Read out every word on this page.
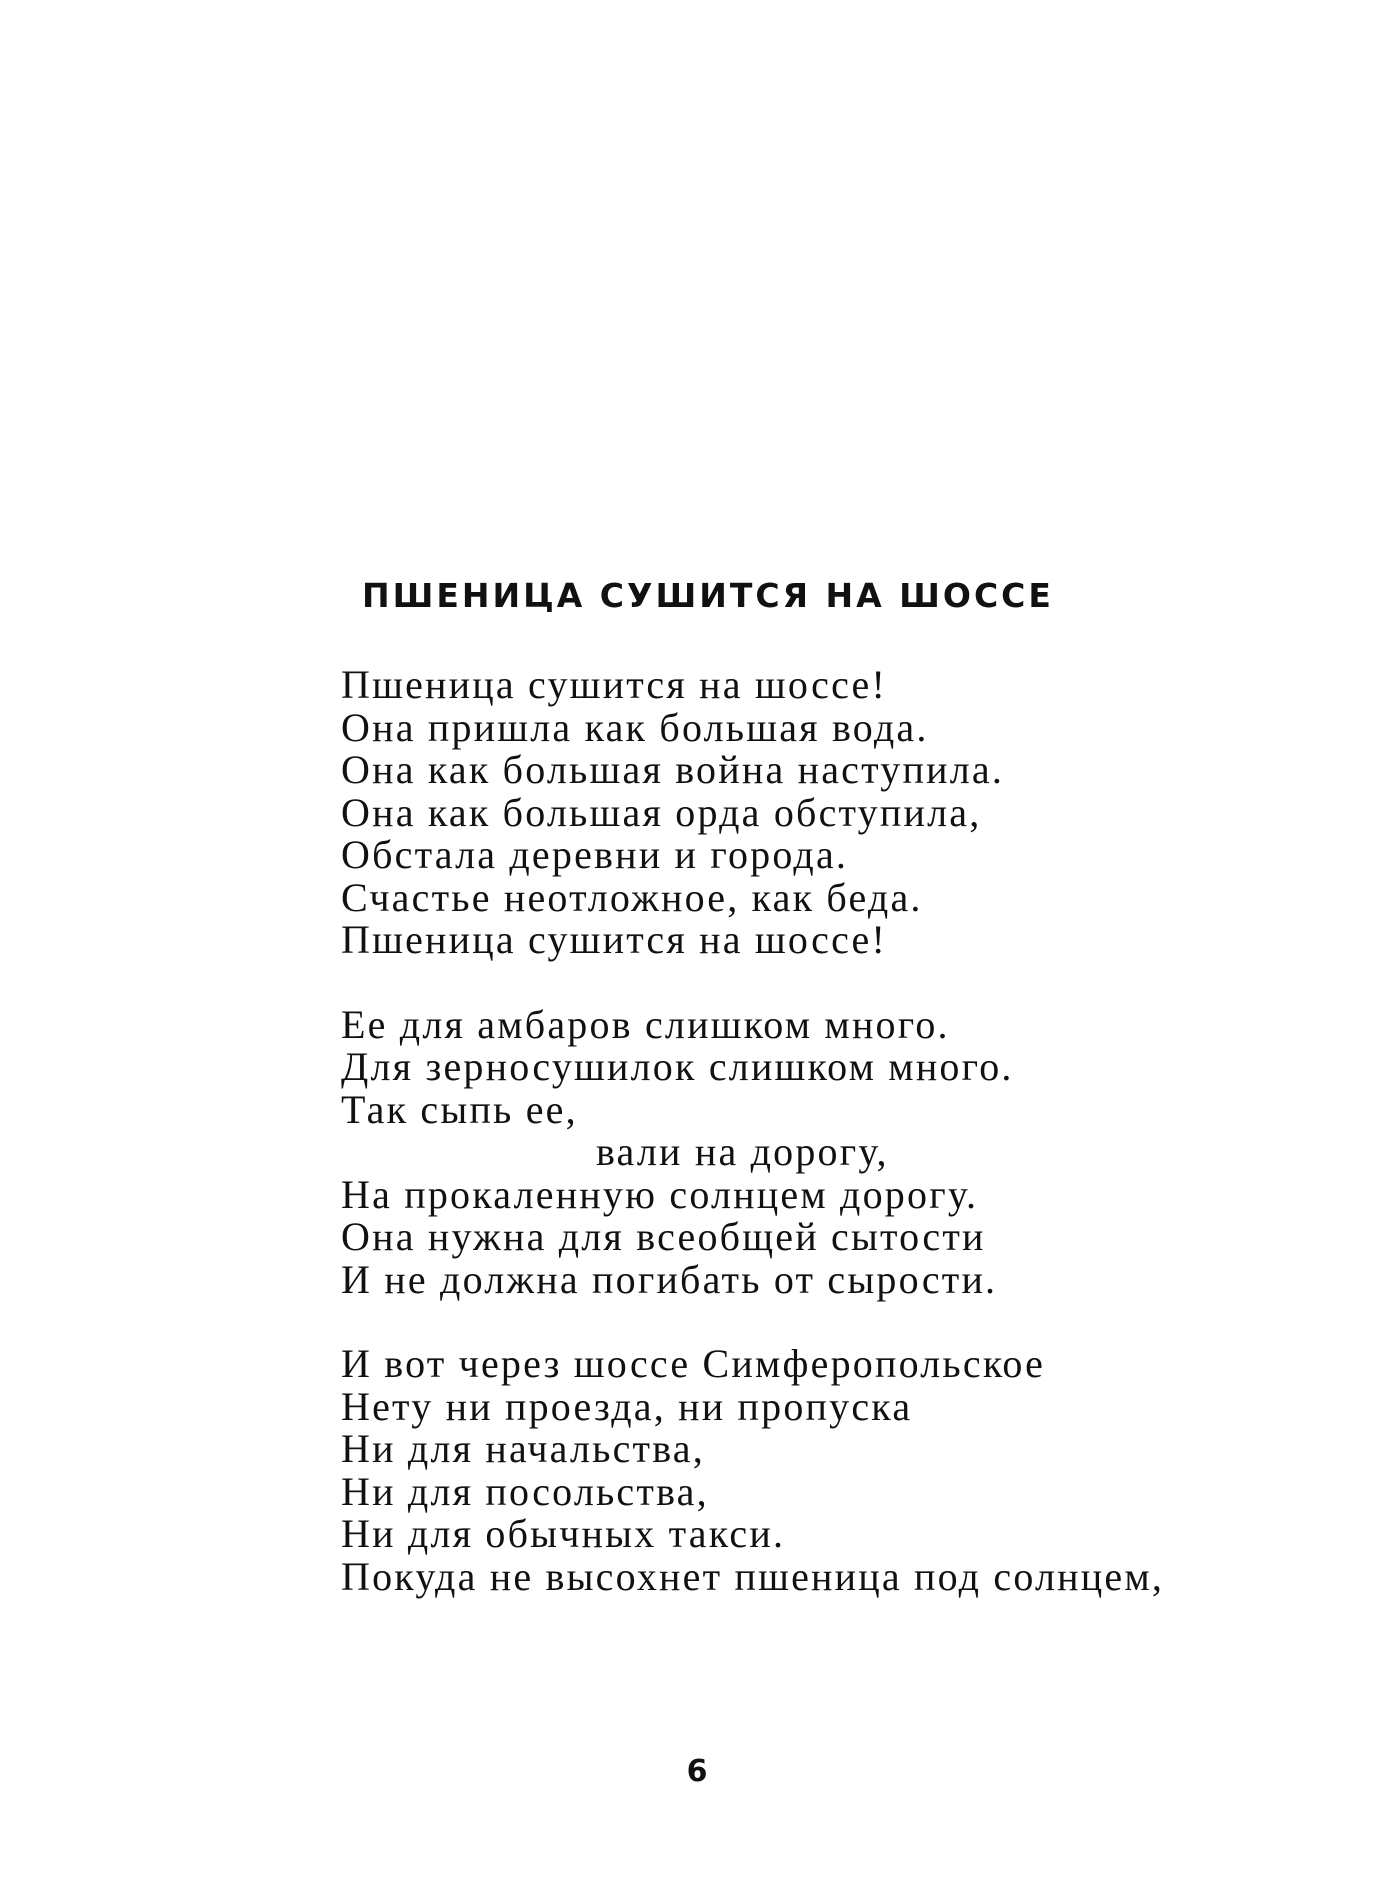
ПШЕНИЦА СУШИТСЯ НА ШОССЕ

Пшеница сушится на шоссе!
Она пришла как большая вода.
Она как большая война наступила.
Она как большая орда обступила,
Обстала деревни и города.
Счастье неотложное, как беда.
Пшеница сушится на шоссе!

Ее для амбаров слишком много.
Для зерносушилок слишком много.
Так сыпь ее,
вали на дорогу,
На прокаленную солнцем дорогу.
Она нужна для всеобщей сытости
И не должна погибать от сырости.

И вот через шоссе Симферопольское
Нету ни проезда, ни пропуска
Ни для начальства,
Ни для посольства,
Ни для обычных такси.
Покуда не высохнет пшеница под солнцем,

6
